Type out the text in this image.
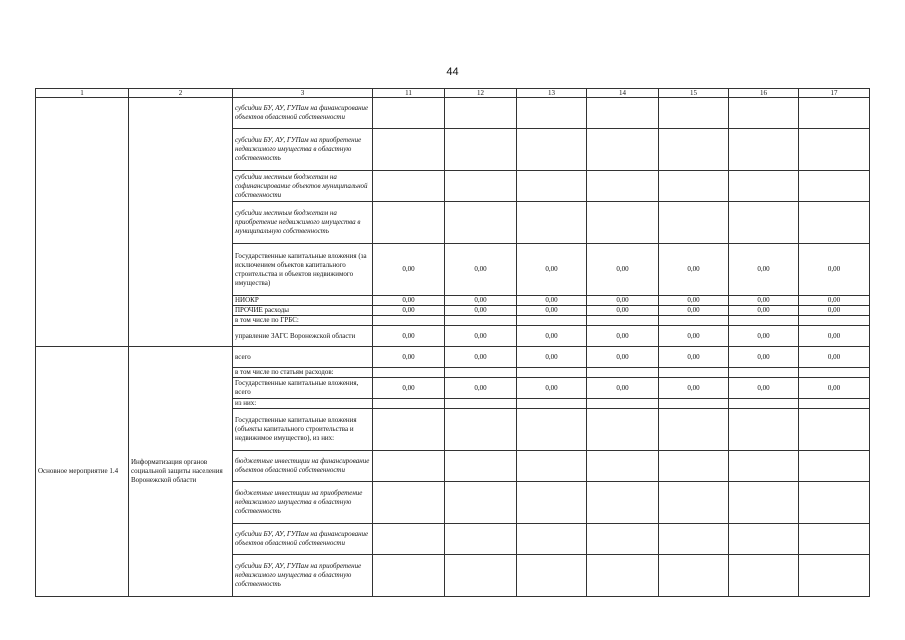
44
1	2	3	11	12	13	14	15	16	17
		субсидии БУ, АУ, ГУПам на финансирование объектов областной собственности							
		субсидии БУ, АУ, ГУПам на приобретение недвижимого имущества в областную собственность							
		субсидии местным бюджетам на софинансирование объектов муниципальной собственности							
		субсидии местным бюджетам на приобретение недвижимого имущества в муниципальную собственность							
		Государственные капитальные вложения (за исключением объектов капитального строительства и объектов недвижимого имущества)	0,00	0,00	0,00	0,00	0,00	0,00	0,00
		НИОКР	0,00	0,00	0,00	0,00	0,00	0,00	0,00
		ПРОЧИЕ расходы	0,00	0,00	0,00	0,00	0,00	0,00	0,00
		в том числе по ГРБС:							
		управление ЗАГС Воронежской области	0,00	0,00	0,00	0,00	0,00	0,00	0,00
Основное мероприятие 1.4	Информатизация органов социальной защиты населения Воронежской области	всего	0,00	0,00	0,00	0,00	0,00	0,00	0,00
		в том числе по статьям расходов:							
		Государственные капитальные вложения, всего	0,00	0,00	0,00	0,00	0,00	0,00	0,00
		из них:							
		Государственные капитальные вложения (объекты капитального строительства и недвижимое имущество), из них:							
		бюджетные инвестиции на финансирование объектов областной собственности							
		бюджетные инвестиции на приобретение недвижимого имущества в областную собственность							
		субсидии БУ, АУ, ГУПам на финансирование объектов областной собственности							
		субсидии БУ, АУ, ГУПам на приобретение недвижимого имущества в областную собственность							
